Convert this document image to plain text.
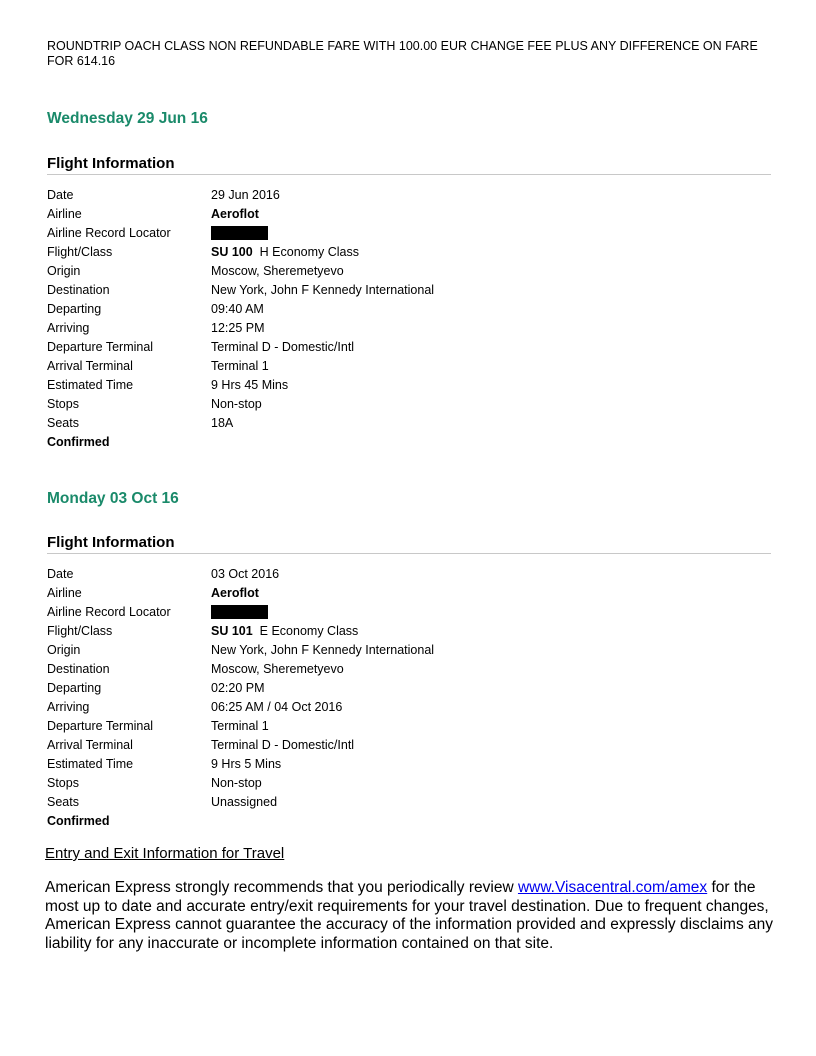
ROUNDTRIP OACH CLASS NON REFUNDABLE FARE WITH 100.00 EUR CHANGE FEE PLUS ANY DIFFERENCE ON FARE FOR 614.16
Wednesday 29 Jun 16
Flight Information
Date	29 Jun 2016
Airline	Aeroflot
Airline Record Locator	
Flight/Class	SU 100 H Economy Class
Origin	Moscow, Sheremetyevo
Destination	New York, John F Kennedy International
Departing	09:40 AM
Arriving	12:25 PM
Departure Terminal	Terminal D - Domestic/Intl
Arrival Terminal	Terminal 1
Estimated Time	9 Hrs 45 Mins
Stops	Non-stop
Seats	18A
Confirmed	
Monday 03 Oct 16
Flight Information
Date	03 Oct 2016
Airline	Aeroflot
Airline Record Locator	
Flight/Class	SU 101 E Economy Class
Origin	New York, John F Kennedy International
Destination	Moscow, Sheremetyevo
Departing	02:20 PM
Arriving	06:25 AM / 04 Oct 2016
Departure Terminal	Terminal 1
Arrival Terminal	Terminal D - Domestic/Intl
Estimated Time	9 Hrs 5 Mins
Stops	Non-stop
Seats	Unassigned
Confirmed	
Entry and Exit Information for Travel
American Express strongly recommends that you periodically review www.Visacentral.com/amex for the most up to date and accurate entry/exit requirements for your travel destination. Due to frequent changes, American Express cannot guarantee the accuracy of the information provided and expressly disclaims any liability for any inaccurate or incomplete information contained on that site.
